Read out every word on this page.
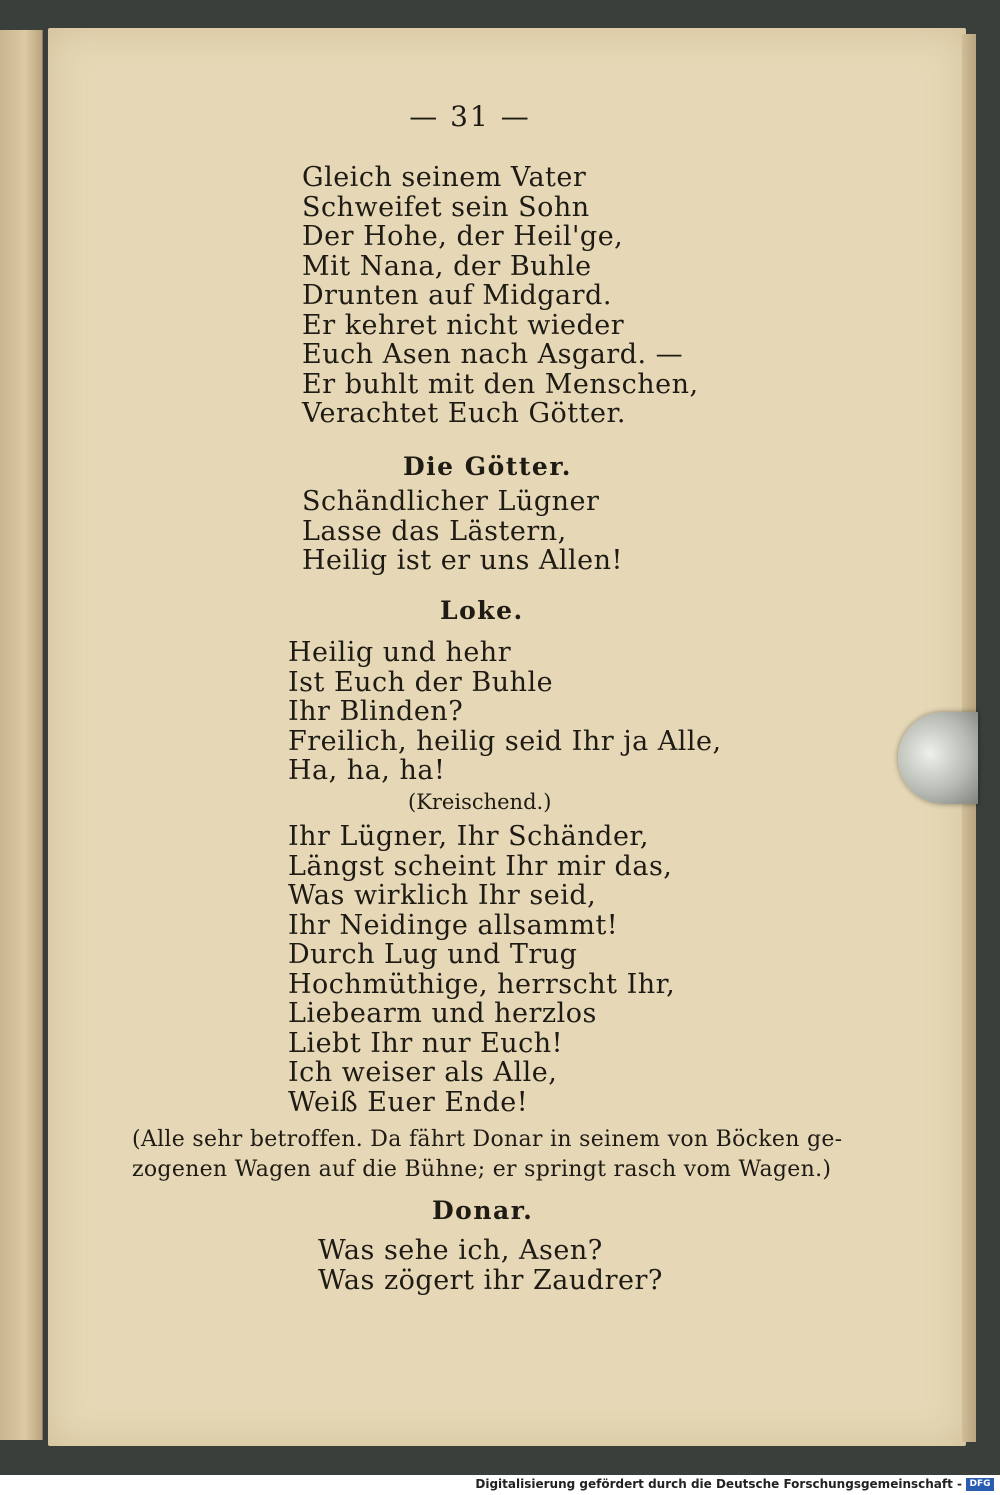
— 31 —
Gleich seinem Vater
Schweifet sein Sohn
Der Hohe, der Heil'ge,
Mit Nana, der Buhle
Drunten auf Midgard.
Er kehret nicht wieder
Euch Asen nach Asgard. —
Er buhlt mit den Menschen,
Verachtet Euch Götter.
Die Götter.
Schändlicher Lügner
Lasse das Lästern,
Heilig ist er uns Allen!
Loke.
Heilig und hehr
Ist Euch der Buhle
Ihr Blinden?
Freilich, heilig seid Ihr ja Alle,
Ha, ha, ha!
(Kreischend.)
Ihr Lügner, Ihr Schänder,
Längst scheint Ihr mir das,
Was wirklich Ihr seid,
Ihr Neidinge allsammt!
Durch Lug und Trug
Hochmüthige, herrscht Ihr,
Liebearm und herzlos
Liebt Ihr nur Euch!
Ich weiser als Alle,
Weiß Euer Ende!
(Alle sehr betroffen. Da fährt Donar in seinem von Böcken ge-
zogenen Wagen auf die Bühne; er springt rasch vom Wagen.)
Donar.
Was sehe ich, Asen?
Was zögert ihr Zaudrer?
Digitalisierung gefördert durch die Deutsche Forschungsgemeinschaft - DFG
